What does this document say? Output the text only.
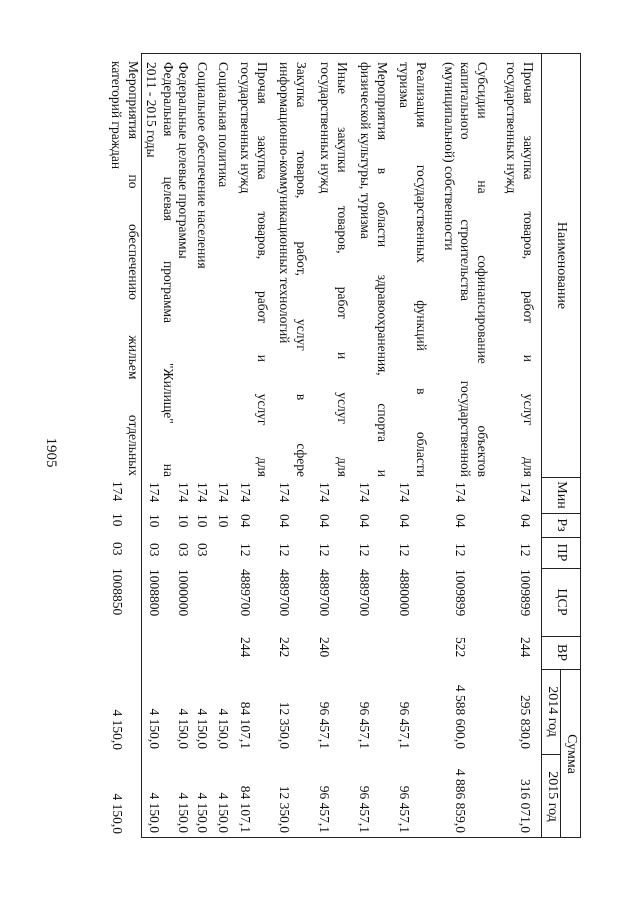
1905
Наименование
Мин
Рз
ПР
ЦСР
ВР
Сумма
2014 год
2015 год
Прочая закупка товаров, работ и услуг для
государственных нужд
174
04
12
1009899
244
295 830,0
316 071,0
Субсидии на софинансирование объектов
капитального строительства государственной
(муниципальной) собственности
174
04
12
1009899
522
4 588 600,0
4 886 859,0
Реализация государственных функций в области
туризма
174
04
12
4880000
96 457,1
96 457,1
Мероприятия в области здравоохранения, спорта и
физической культуры, туризма
174
04
12
4889700
96 457,1
96 457,1
Иные закупки товаров, работ и услуг для
государственных нужд
174
04
12
4889700
240
96 457,1
96 457,1
Закупка товаров, работ, услуг в сфере
информационно-коммуникационных технологий
174
04
12
4889700
242
12 350,0
12 350,0
Прочая закупка товаров, работ и услуг для
государственных нужд
174
04
12
4889700
244
84 107,1
84 107,1
Социальная политика
174
10
4 150,0
4 150,0
Социальное обеспечение населения
174
10
03
4 150,0
4 150,0
Федеральные целевые программы
174
10
03
1000000
4 150,0
4 150,0
Федеральная целевая программа "Жилище" на
2011 - 2015 годы
174
10
03
1008800
4 150,0
4 150,0
Мероприятия по обеспечению жильем отдельных
категорий граждан
174
10
03
1008850
4 150,0
4 150,0
